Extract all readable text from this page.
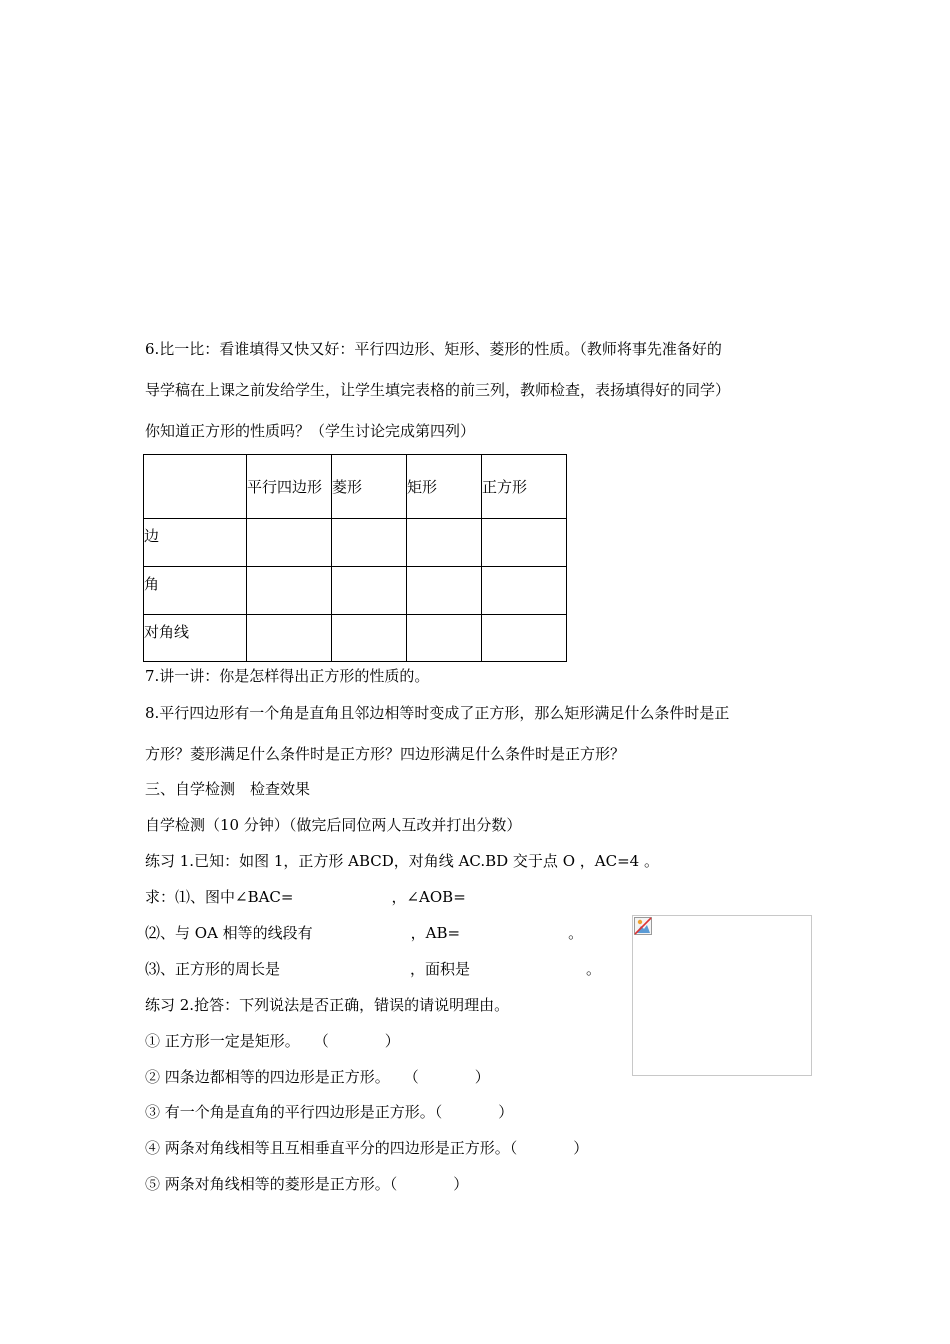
6.比一比：看谁填得又快又好：平行四边形、矩形、菱形的性质。（教师将事先准备好的
导学稿在上课之前发给学生，让学生填完表格的前三列，教师检查，表扬填得好的同学）
你知道正方形的性质吗？（学生讨论完成第四列）
	平行四边形	菱形	矩形	正方形
边				
角				
对角线				
7.讲一讲：你是怎样得出正方形的性质的。
8.平行四边形有一个角是直角且邻边相等时变成了正方形，那么矩形满足什么条件时是正
方形？菱形满足什么条件时是正方形？四边形满足什么条件时是正方形？
三、自学检测　检查效果
自学检测（10 分钟）（做完后同位两人互改并打出分数）
练习 1.已知：如图 1，正方形 ABCD，对角线 AC.BD 交于点 O ，AC=4 。
求：⑴、图中∠BAC=	，∠AOB=
⑵、与 OA 相等的线段有	，AB=	。
⑶、正方形的周长是	，面积是	。
练习 2.抢答：下列说法是否正确，错误的请说明理由。
① 正方形一定是矩形。 （	）
② 四条边都相等的四边形是正方形。 （	）
③ 有一个角是直角的平行四边形是正方形。（	）
④ 两条对角线相等且互相垂直平分的四边形是正方形。（	）
⑤ 两条对角线相等的菱形是正方形。（	）
